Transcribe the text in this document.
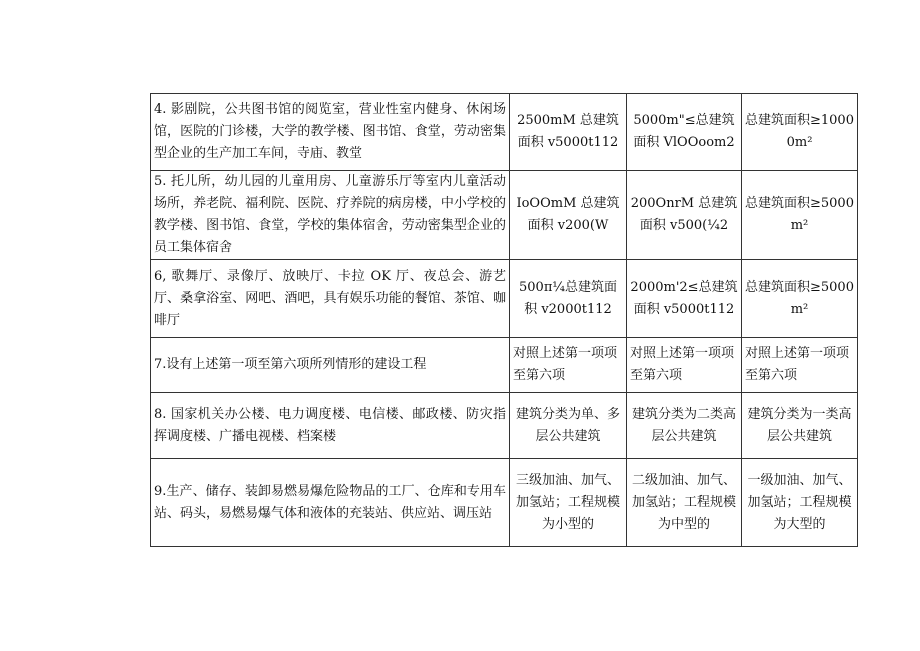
4. 影剧院，公共图书馆的阅览室，营业性室内健身、休闲场馆，医院的门诊楼，大学的教学楼、图书馆、食堂，劳动密集型企业的生产加工车间，寺庙、教堂	2500mM 总建筑面积 v5000t112	5000m"≤总建筑面积 VlOOoom2	总建筑面积≥10000m²
5. 托儿所，幼儿园的儿童用房、儿童游乐厅等室内儿童活动场所，养老院、福利院、医院、疗养院的病房楼，中小学校的教学楼、图书馆、食堂，学校的集体宿舍，劳动密集型企业的员工集体宿舍	IoOOmM 总建筑面积 v200(W	200OnrM 总建筑面积 v500(¼2	总建筑面积≥5000m²
6, 歌舞厅、录像厅、放映厅、卡拉 OK 厅、夜总会、游艺厅、桑拿浴室、网吧、酒吧，具有娱乐功能的餐馆、茶馆、咖啡厅	500π¼总建筑面积 v2000t112	2000m'2≤总建筑面积 v5000t112	总建筑面积≥5000m²
7.设有上述第一项至第六项所列情形的建设工程	对照上述第一项项至第六项	对照上述第一项项至第六项	对照上述第一项项至第六项
8. 国家机关办公楼、电力调度楼、电信楼、邮政楼、防灾指挥调度楼、广播电视楼、档案楼	建筑分类为单、多层公共建筑	建筑分类为二类高层公共建筑	建筑分类为一类高层公共建筑
9.生产、储存、装卸易燃易爆危险物品的工厂、仓库和专用车站、码头，易燃易爆气体和液体的充装站、供应站、调压站	三级加油、加气、加氢站；工程规模为小型的	二级加油、加气、加氢站；工程规模为中型的	一级加油、加气、加氢站；工程规模为大型的
